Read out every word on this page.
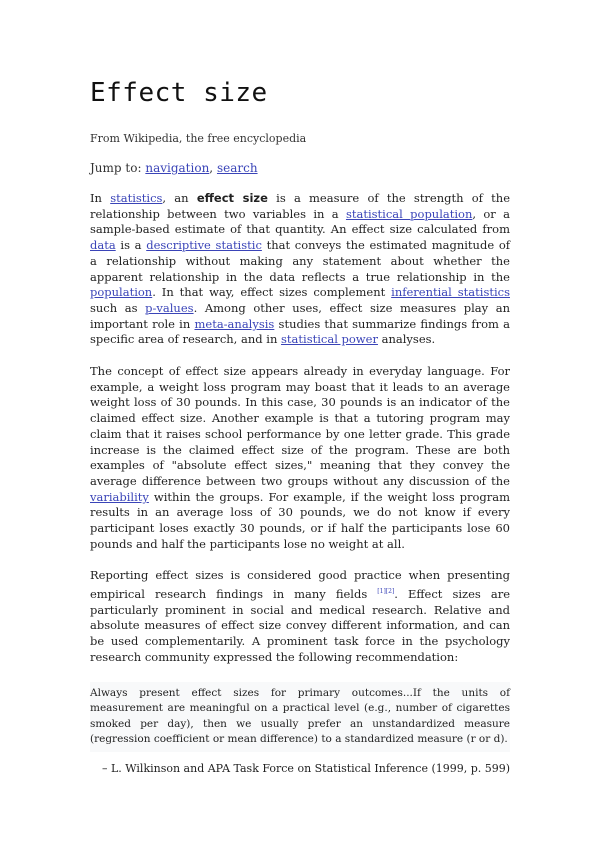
Effect size
From Wikipedia, the free encyclopedia
Jump to: navigation, search

In statistics, an effect size is a measure of the strength of the relationship between two variables in a statistical population, or a sample-based estimate of that quantity. An effect size calculated from data is a descriptive statistic that conveys the estimated magnitude of a relationship without making any statement about whether the apparent relationship in the data reflects a true relationship in the population. In that way, effect sizes complement inferential statistics such as p-values. Among other uses, effect size measures play an important role in meta-analysis studies that summarize findings from a specific area of research, and in statistical power analyses.

The concept of effect size appears already in everyday language. For example, a weight loss program may boast that it leads to an average weight loss of 30 pounds. In this case, 30 pounds is an indicator of the claimed effect size. Another example is that a tutoring program may claim that it raises school performance by one letter grade. This grade increase is the claimed effect size of the program. These are both examples of "absolute effect sizes," meaning that they convey the average difference between two groups without any discussion of the variability within the groups. For example, if the weight loss program results in an average loss of 30 pounds, we do not know if every participant loses exactly 30 pounds, or if half the participants lose 60 pounds and half the participants lose no weight at all.

Reporting effect sizes is considered good practice when presenting empirical research findings in many fields [1][2]. Effect sizes are particularly prominent in social and medical research. Relative and absolute measures of effect size convey different information, and can be used complementarily. A prominent task force in the psychology research community expressed the following recommendation:

Always present effect sizes for primary outcomes...If the units of measurement are meaningful on a practical level (e.g., number of cigarettes smoked per day), then we usually prefer an unstandardized measure (regression coefficient or mean difference) to a standardized measure (r or d).

– L. Wilkinson and APA Task Force on Statistical Inference (1999, p. 599)
